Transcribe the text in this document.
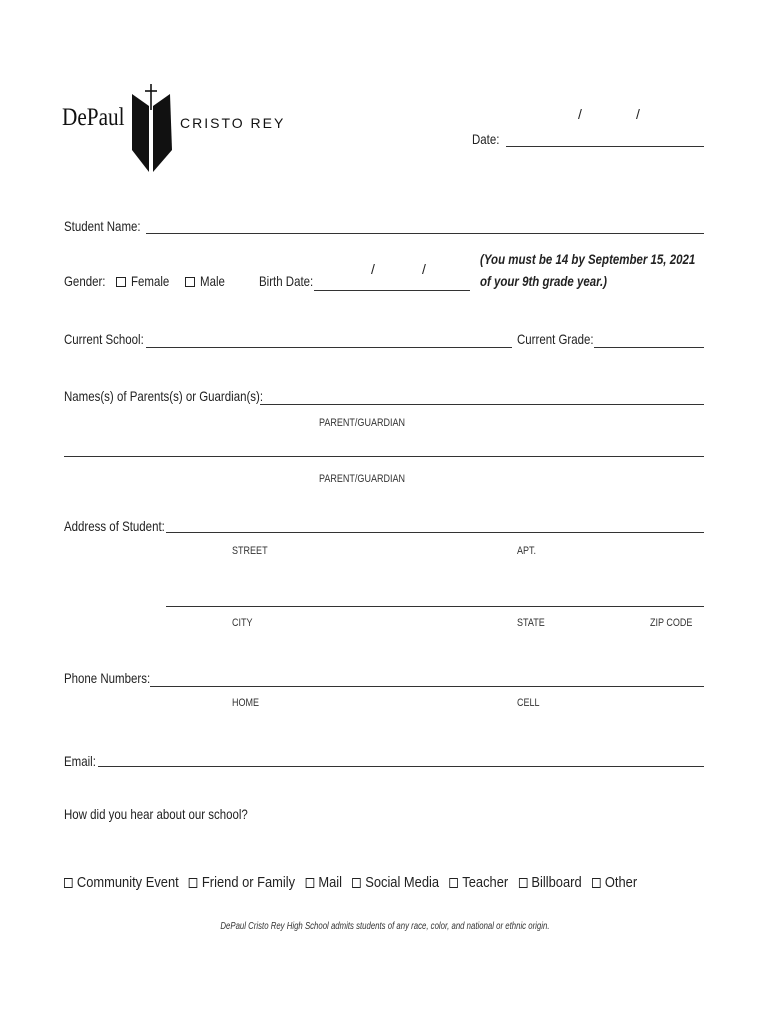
DePaul	CRISTO REY
/	/
Date:
Student Name:
Gender:	Female	Male	Birth Date:
/	/
(You must be 14 by September 15, 2021
of your 9th grade year.)
Current School:	Current Grade:
Names(s) of Parents(s) or Guardian(s):
PARENT/GUARDIAN
PARENT/GUARDIAN
Address of Student:
STREET	APT.
CITY	STATE	ZIP CODE
Phone Numbers:
HOME	CELL
Email:
How did you hear about our school?
Community Event Friend or Family Mail Social Media Teacher Billboard Other
DePaul Cristo Rey High School admits students of any race, color, and national or ethnic origin.
